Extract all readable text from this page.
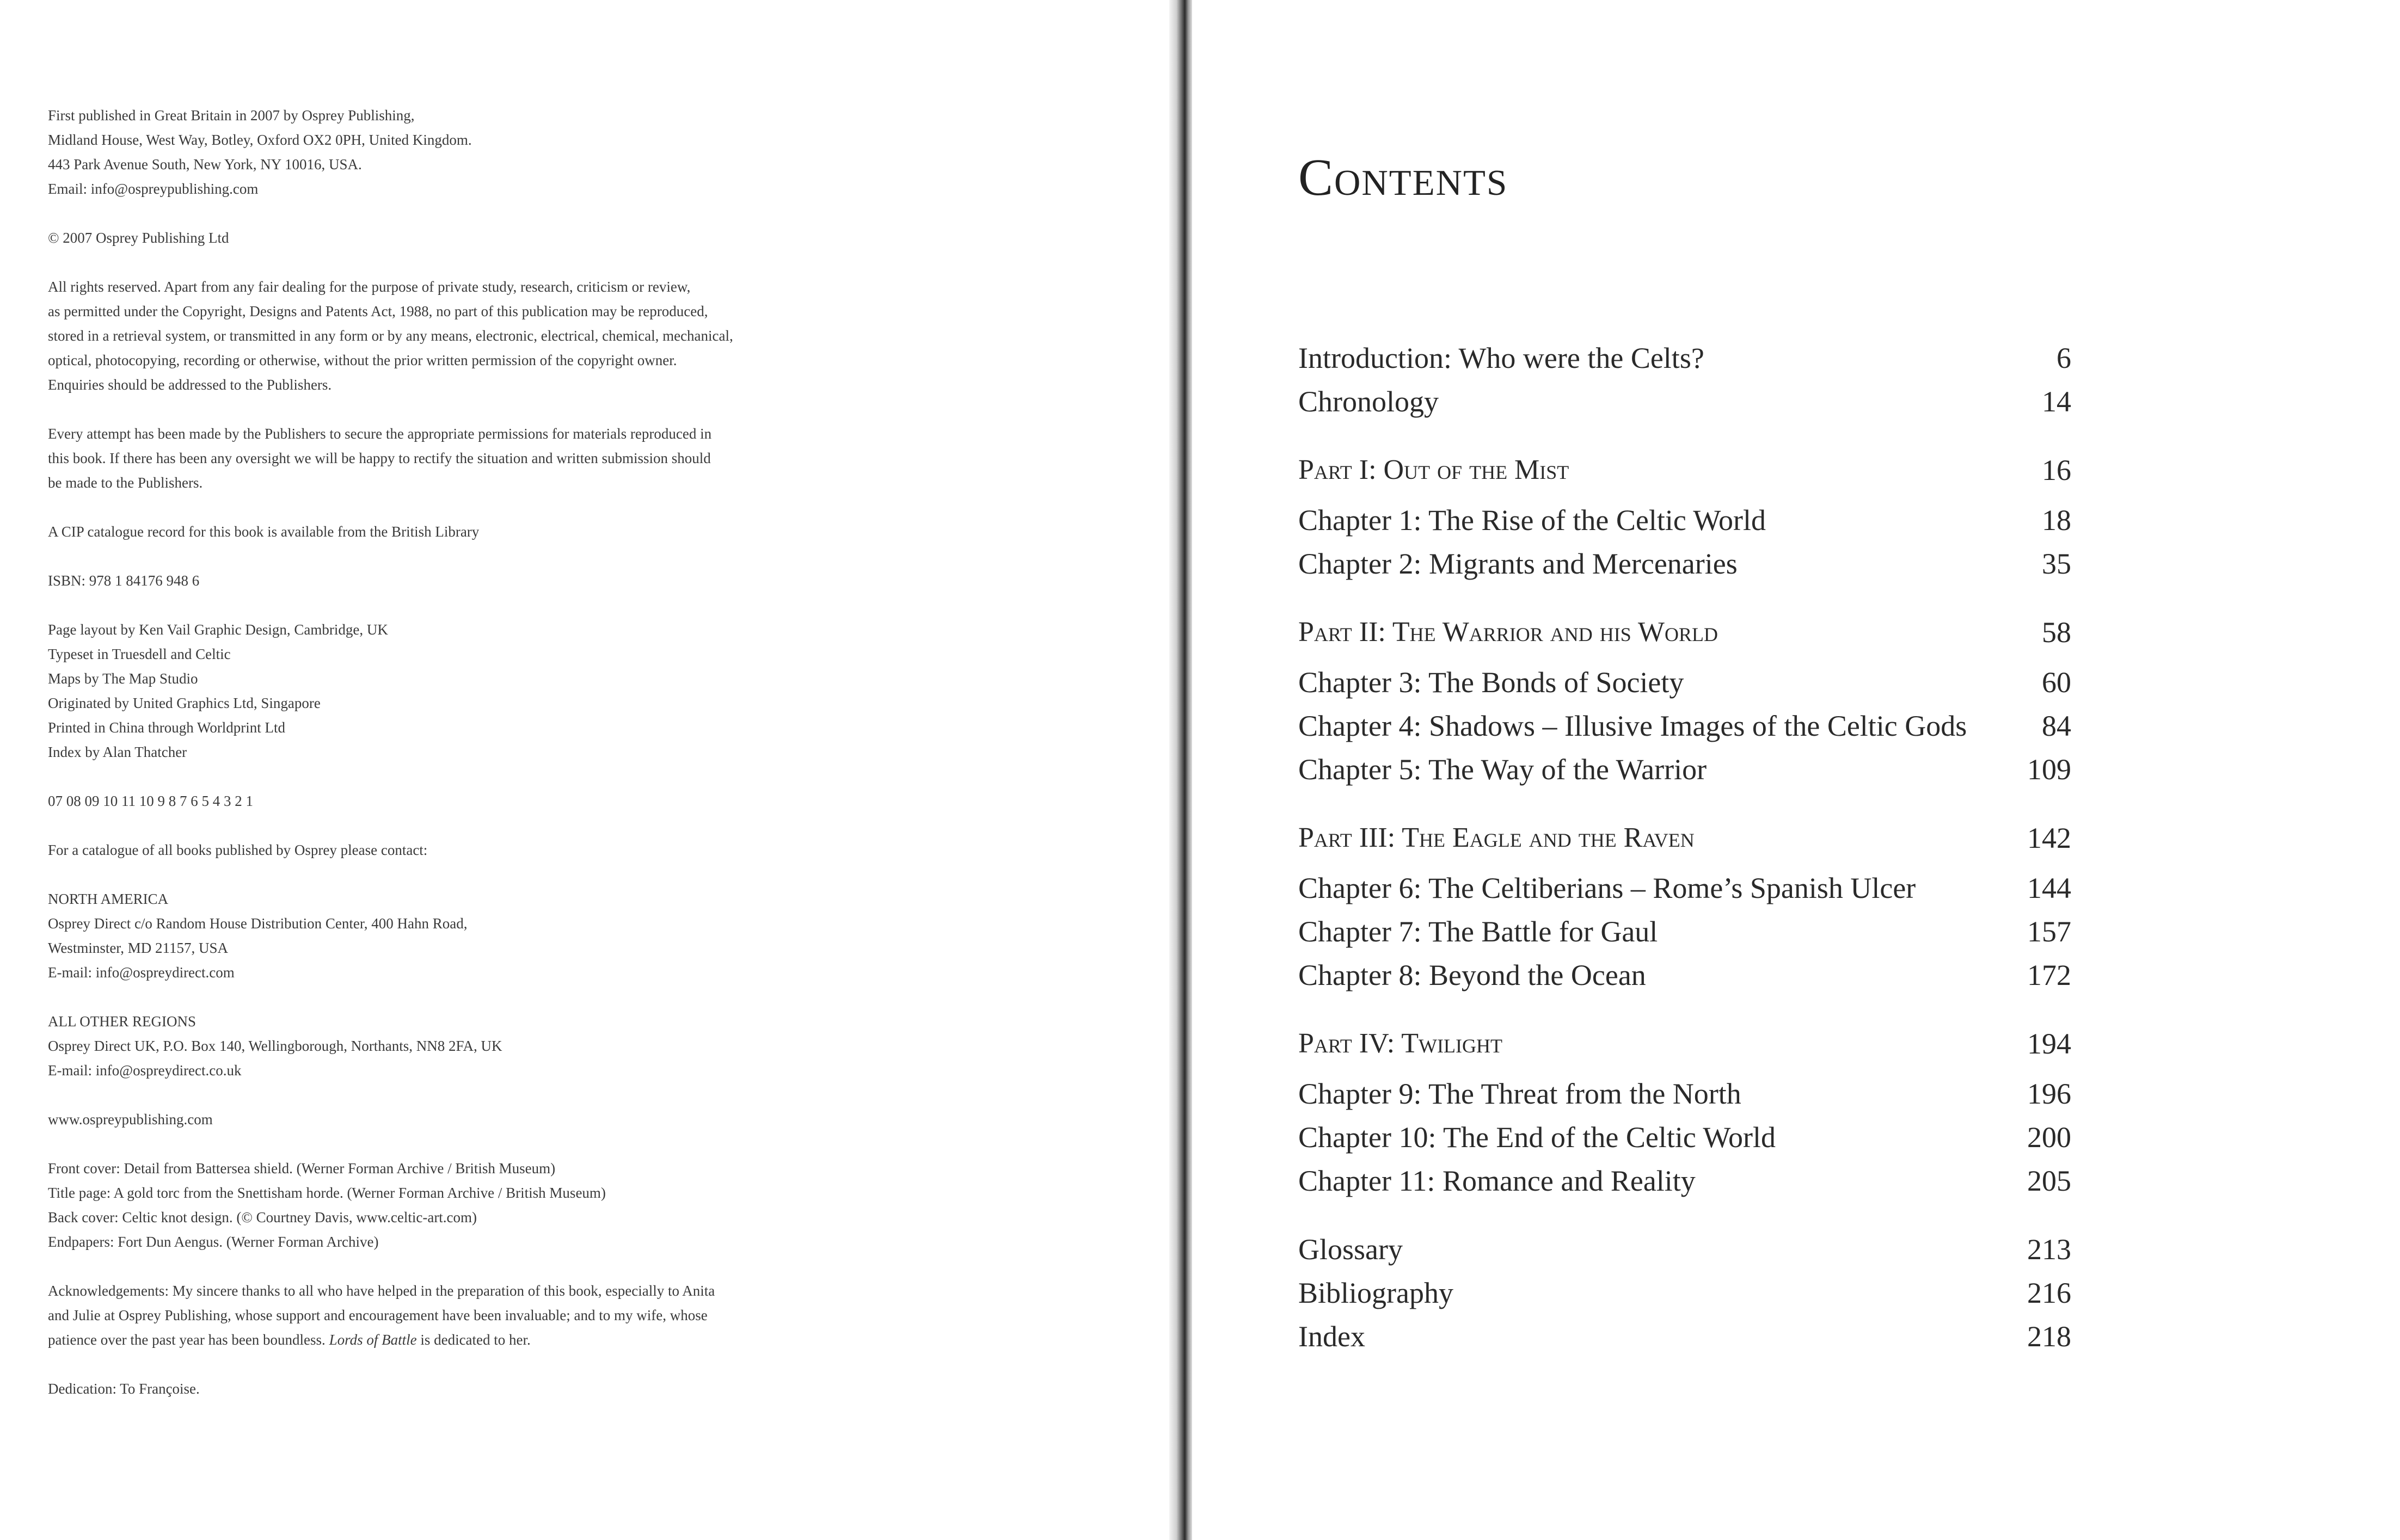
First published in Great Britain in 2007 by Osprey Publishing,
Midland House, West Way, Botley, Oxford OX2 0PH, United Kingdom.
443 Park Avenue South, New York, NY 10016, USA.
Email: info@ospreypublishing.com
© 2007 Osprey Publishing Ltd
All rights reserved. Apart from any fair dealing for the purpose of private study, research, criticism or review,
as permitted under the Copyright, Designs and Patents Act, 1988, no part of this publication may be reproduced,
stored in a retrieval system, or transmitted in any form or by any means, electronic, electrical, chemical, mechanical,
optical, photocopying, recording or otherwise, without the prior written permission of the copyright owner.
Enquiries should be addressed to the Publishers.
Every attempt has been made by the Publishers to secure the appropriate permissions for materials reproduced in
this book. If there has been any oversight we will be happy to rectify the situation and written submission should
be made to the Publishers.
A CIP catalogue record for this book is available from the British Library
ISBN: 978 1 84176 948 6
Page layout by Ken Vail Graphic Design, Cambridge, UK
Typeset in Truesdell and Celtic
Maps by The Map Studio
Originated by United Graphics Ltd, Singapore
Printed in China through Worldprint Ltd
Index by Alan Thatcher
07 08 09 10 11 10 9 8 7 6 5 4 3 2 1
For a catalogue of all books published by Osprey please contact:
NORTH AMERICA
Osprey Direct c/o Random House Distribution Center, 400 Hahn Road,
Westminster, MD 21157, USA
E-mail: info@ospreydirect.com
ALL OTHER REGIONS
Osprey Direct UK, P.O. Box 140, Wellingborough, Northants, NN8 2FA, UK
E-mail: info@ospreydirect.co.uk
www.ospreypublishing.com
Front cover: Detail from Battersea shield. (Werner Forman Archive / British Museum)
Title page: A gold torc from the Snettisham horde. (Werner Forman Archive / British Museum)
Back cover: Celtic knot design. (© Courtney Davis, www.celtic-art.com)
Endpapers: Fort Dun Aengus. (Werner Forman Archive)
Acknowledgements: My sincere thanks to all who have helped in the preparation of this book, especially to Anita
and Julie at Osprey Publishing, whose support and encouragement have been invaluable; and to my wife, whose
patience over the past year has been boundless. Lords of Battle is dedicated to her.
Dedication: To Françoise.
Contents
Introduction: Who were the Celts?	6
Chronology	14
Part I: Out of the Mist	16
Chapter 1: The Rise of the Celtic World	18
Chapter 2: Migrants and Mercenaries	35
Part II: The Warrior and his World	58
Chapter 3: The Bonds of Society	60
Chapter 4: Shadows – Illusive Images of the Celtic Gods	84
Chapter 5: The Way of the Warrior	109
Part III: The Eagle and the Raven	142
Chapter 6: The Celtiberians – Rome’s Spanish Ulcer	144
Chapter 7: The Battle for Gaul	157
Chapter 8: Beyond the Ocean	172
Part IV: Twilight	194
Chapter 9: The Threat from the North	196
Chapter 10: The End of the Celtic World	200
Chapter 11: Romance and Reality	205
Glossary	213
Bibliography	216
Index	218
